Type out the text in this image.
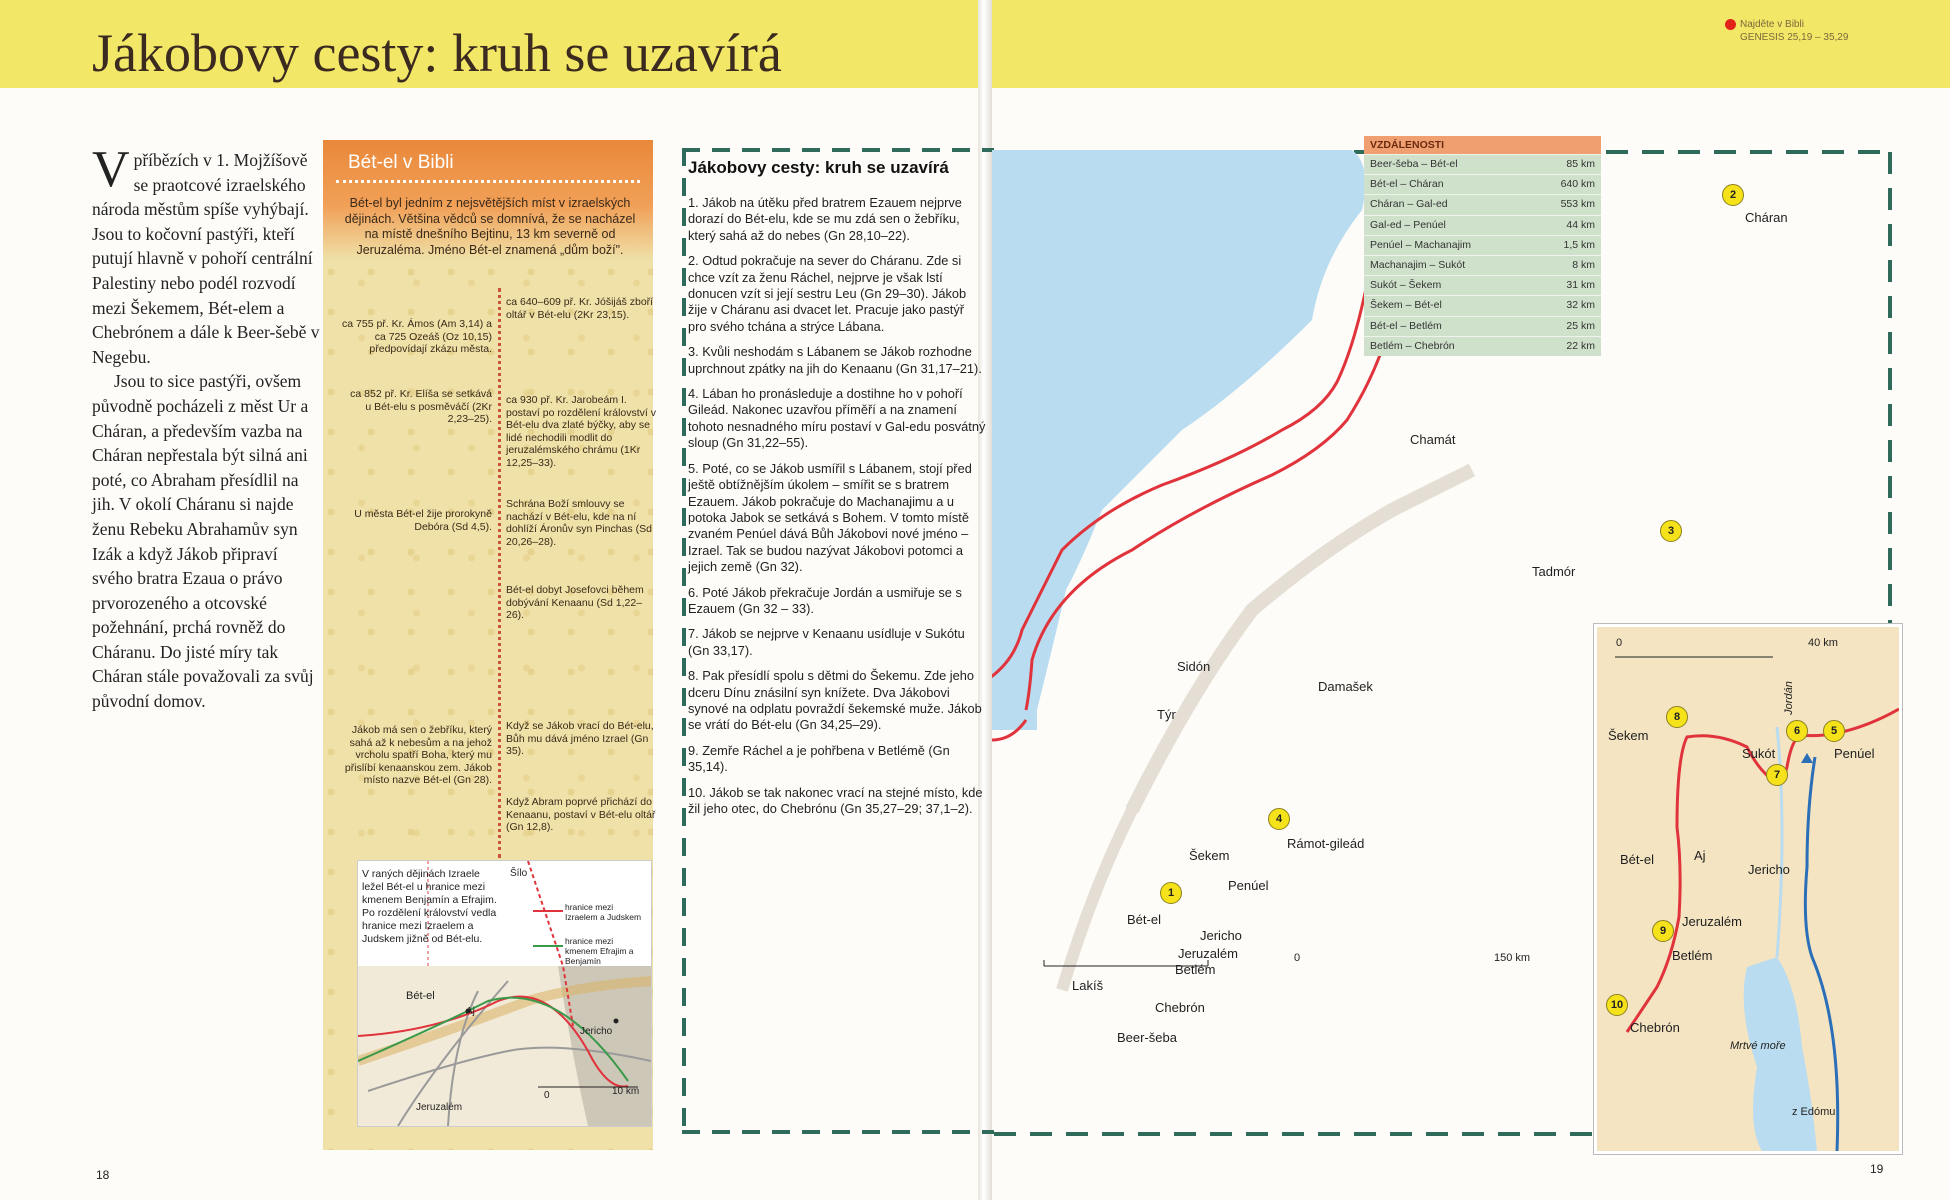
Jákobovy cesty: kruh se uzavírá	Najděte v Bibli
GENESIS 25,19 – 35,29

Vpříbězích v 1. Mojžíšově se praotcové izraelského národa městům spíše vyhýbají. Jsou to kočovní pastýři, kteří putují hlavně v pohoří centrální Palestiny nebo podél rozvodí mezi Šekemem, Bét-elem a Chebrónem a dále k Beer-šebě v Negebu.

Jsou to sice pastýři, ovšem původně pocházeli z měst Ur a Cháran, a především vazba na Cháran nepřestala být silná ani poté, co Abraham přesídlil na jih. V okolí Cháranu si najde ženu Rebeku Abrahamův syn Izák a když Jákob připraví svého bratra Ezaua o právo prvorozeného a otcovské požehnání, prchá rovněž do Cháranu. Do jisté míry tak Cháran stále považovali za svůj původní domov.

18	19
Bét-el v Bibli
Bét-el byl jedním z nejsvětějších míst v izraelských dějinách. Většina vědců se domnívá, že se nacházel na místě dnešního Bejtinu, 13 km severně od Jeruzaléma. Jméno Bét-el znamená „dům boží".
ca 640–609 př. Kr. Jóšijáš zboří oltář v Bét-elu (2Kr 23,15).
ca 755 př. Kr. Ámos (Am 3,14) a ca 725 Ozeáš (Oz 10,15) předpovídají zkázu města.
ca 852 př. Kr. Elíša se setkává u Bét-elu s posměváčí (2Kr 2,23–25).
ca 930 př. Kr. Jarobeám I. postaví po rozdělení království v Bét-elu dva zlaté býčky, aby se lidé nechodili modlit do jeruzalémského chrámu (1Kr 12,25–33).
U města Bét-el žije prorokyně Debóra (Sd 4,5).
Schrána Boží smlouvy se nachází v Bét-elu, kde na ní dohlíží Áronův syn Pinchas (Sd 20,26–28).
Bét-el dobyt Josefovci během dobývání Kenaanu (Sd 1,22–26).
Jákob má sen o žebříku, který sahá až k nebesům a na jehož vrcholu spatří Boha, který mu přislíbí kenaanskou zem. Jákob místo nazve Bét-el (Gn 28).
Když se Jákob vrací do Bét-elu, Bůh mu dává jméno Izrael (Gn 35).
Když Abram poprvé přichází do Kenaanu, postaví v Bét-elu oltář (Gn 12,8).
V raných dějinách Izraele ležel Bét-el u hranice mezi kmenem Benjamín a Efrajim. Po rozdělení království vedla hranice mezi Izraelem a Judskem jižně od Bét-elu.
hranice mezi Izraelem a Judskem
hranice mezi kmenem Efrajim a Benjamín
Šílo
Bét-el
Aj
Jericho
Jeruzalém
0	10 km
Jákobovy cesty: kruh se uzavírá

1. Jákob na útěku před bratrem Ezauem nejprve dorazí do Bét-elu, kde se mu zdá sen o žebříku, který sahá až do nebes (Gn 28,10–22).

2. Odtud pokračuje na sever do Cháranu. Zde si chce vzít za ženu Ráchel, nejprve je však lstí donucen vzít si její sestru Leu (Gn 29–30). Jákob žije v Cháranu asi dvacet let. Pracuje jako pastýř pro svého tchána a strýce Lábana.

3. Kvůli neshodám s Lábanem se Jákob rozhodne uprchnout zpátky na jih do Kenaanu (Gn 31,17–21).

4. Lában ho pronásleduje a dostihne ho v pohoří Gileád. Nakonec uzavřou příměří a na znamení tohoto nesnadného míru postaví v Gal-edu posvátný sloup (Gn 31,22–55).

5. Poté, co se Jákob usmířil s Lábanem, stojí před ještě obtížnějším úkolem – smířit se s bratrem Ezauem. Jákob pokračuje do Machanajimu a u potoka Jabok se setkává s Bohem. V tomto místě zvaném Penúel dává Bůh Jákobovi nové jméno – Izrael. Tak se budou nazývat Jákobovi potomci a jejich země (Gn 32).

6. Poté Jákob překračuje Jordán a usmiřuje se s Ezauem (Gn 32 – 33).

7. Jákob se nejprve v Kenaanu usídluje v Sukótu (Gn 33,17).

8. Pak přesídlí spolu s dětmi do Šekemu. Zde jeho dceru Dínu znásilní syn knížete. Dva Jákobovi synové na odplatu povraždí šekemské muže. Jákob se vrátí do Bét-elu (Gn 34,25–29).

9. Zemře Ráchel a je pohřbena v Betlémě (Gn 35,14).

10. Jákob se tak nakonec vrací na stejné místo, kde žil jeho otec, do Chebrónu (Gn 35,27–29; 37,1–2).

Cháran
Chamát
Tadmór
Sidón
Týr
Damašek
Rámot-gileád
Šekem
Penúel
Bét-el
Jericho
Jeruzalém
Betlém
Lakíš
Chebrón
Beer-šeba
0	150 km
2
3
4
1
VZDÁLENOSTI
Beer-šeba – Bét-el	85 km
Bét-el – Cháran	640 km
Cháran – Gal-ed	553 km
Gal-ed – Penúel	44 km
Penúel – Machanajim	1,5 km
Machanajim – Sukót	8 km
Sukót – Šekem	31 km
Šekem – Bét-el	32 km
Bét-el – Betlém	25 km
Betlém – Chebrón	22 km
0	40 km
Šekem
Sukót	Penúel
Jordán
Bét-el	Aj
Jericho
Jeruzalém
Betlém
Chebrón
Mrtvé moře
z Edómu
5
6
7
8
9
10
